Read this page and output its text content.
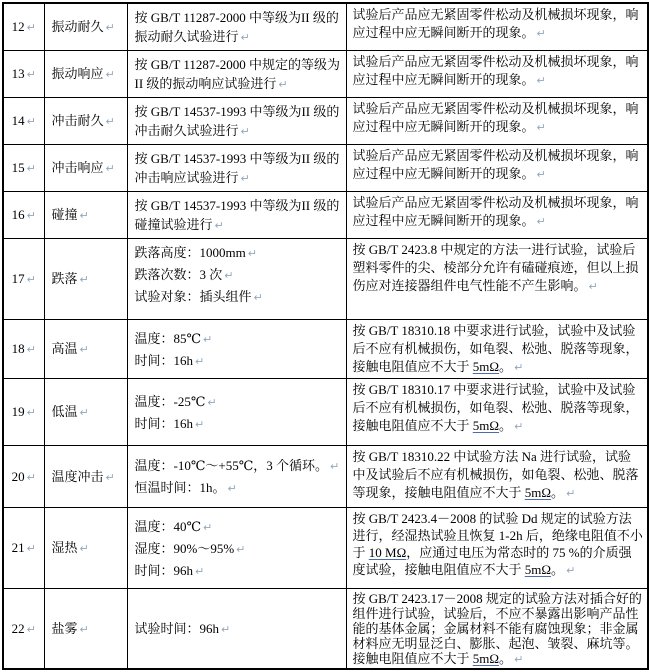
12 ↵	振动耐久 ↵	按 GB/T 11287-2000 中等级为II 级的振动耐久试验进行 ↵	试验后产品应无紧固零件松动及机械损坏现象，响应过程中应无瞬间断开的现象。 ↵

13 ↵	振动响应 ↵	按 GB/T 11287-2000 中规定的等级为II 级的振动响应试验进行 ↵	试验后产品应无紧固零件松动及机械损坏现象，响应过程中应无瞬间断开的现象。 ↵

14 ↵	冲击耐久 ↵	按 GB/T 14537-1993 中等级为II 级的冲击耐久试验进行 ↵	试验后产品应无紧固零件松动及机械损坏现象，响应过程中应无瞬间断开的现象。 ↵

15 ↵	冲击响应 ↵	按 GB/T 14537-1993 中等级为II 级的冲击响应试验进行 ↵	试验后产品应无紧固零件松动及机械损坏现象，响应过程中应无瞬间断开的现象。 ↵

16 ↵	碰撞 ↵	按 GB/T 14537-1993 中等级为II 级的碰撞试验进行 ↵	试验后产品应无紧固零件松动及机械损坏现象，响应过程中应无瞬间断开的现象。 ↵

17 ↵	跌落 ↵	跌落高度：1000mm ↵
跌落次数：3 次 ↵
试验对象：插头组件 ↵	按 GB/T 2423.8 中规定的方法一进行试验，试验后塑料零件的尖、棱部分允许有磕碰痕迹，但以上损伤应对连接器组件电气性能不产生影响。 ↵

18 ↵	高温 ↵	温度：85℃ ↵
时间：16h ↵	按 GB/T 18310.18 中要求进行试验，试验中及试验后不应有机械损伤，如龟裂、松弛、脱落等现象，接触电阻值应不大于 5mΩ。 ↵

19 ↵	低温 ↵	温度：-25℃ ↵
时间：16h ↵	按 GB/T 18310.17 中要求进行试验，试验中及试验后不应有机械损伤，如龟裂、松弛、脱落等现象，接触电阻值应不大于 5mΩ。 ↵

20 ↵	温度冲击 ↵	温度：-10℃～+55℃，3 个循环。 ↵
恒温时间：1h。 ↵	按 GB/T 18310.22 中试验方法 Na 进行试验，试验中及试验后不应有机械损伤，如龟裂、松弛、脱落等现象，接触电阻值应不大于 5mΩ。 ↵

21 ↵	湿热 ↵	温度：40℃ ↵
湿度：90%～95% ↵
时间：96h ↵	按 GB/T 2423.4－2008 的试验 Dd 规定的试验方法进行，经湿热试验且恢复 1-2h 后，绝缘电阻值不小于 10 MΩ，应通过电压为常态时的 75 %的介质强度试验，接触电阻值应不大于 5mΩ。 ↵

22 ↵	盐雾 ↵	试验时间：96h ↵	按 GB/T 2423.17－2008 规定的试验方法对插合好的组件进行试验，试验后，不应不暴露出影响产品性能的基体金属；金属材料不能有腐蚀现象；非金属材料应无明显泛白、膨胀、起泡、皱裂、麻坑等。接触电阻值应不大于 5mΩ。 ↵
